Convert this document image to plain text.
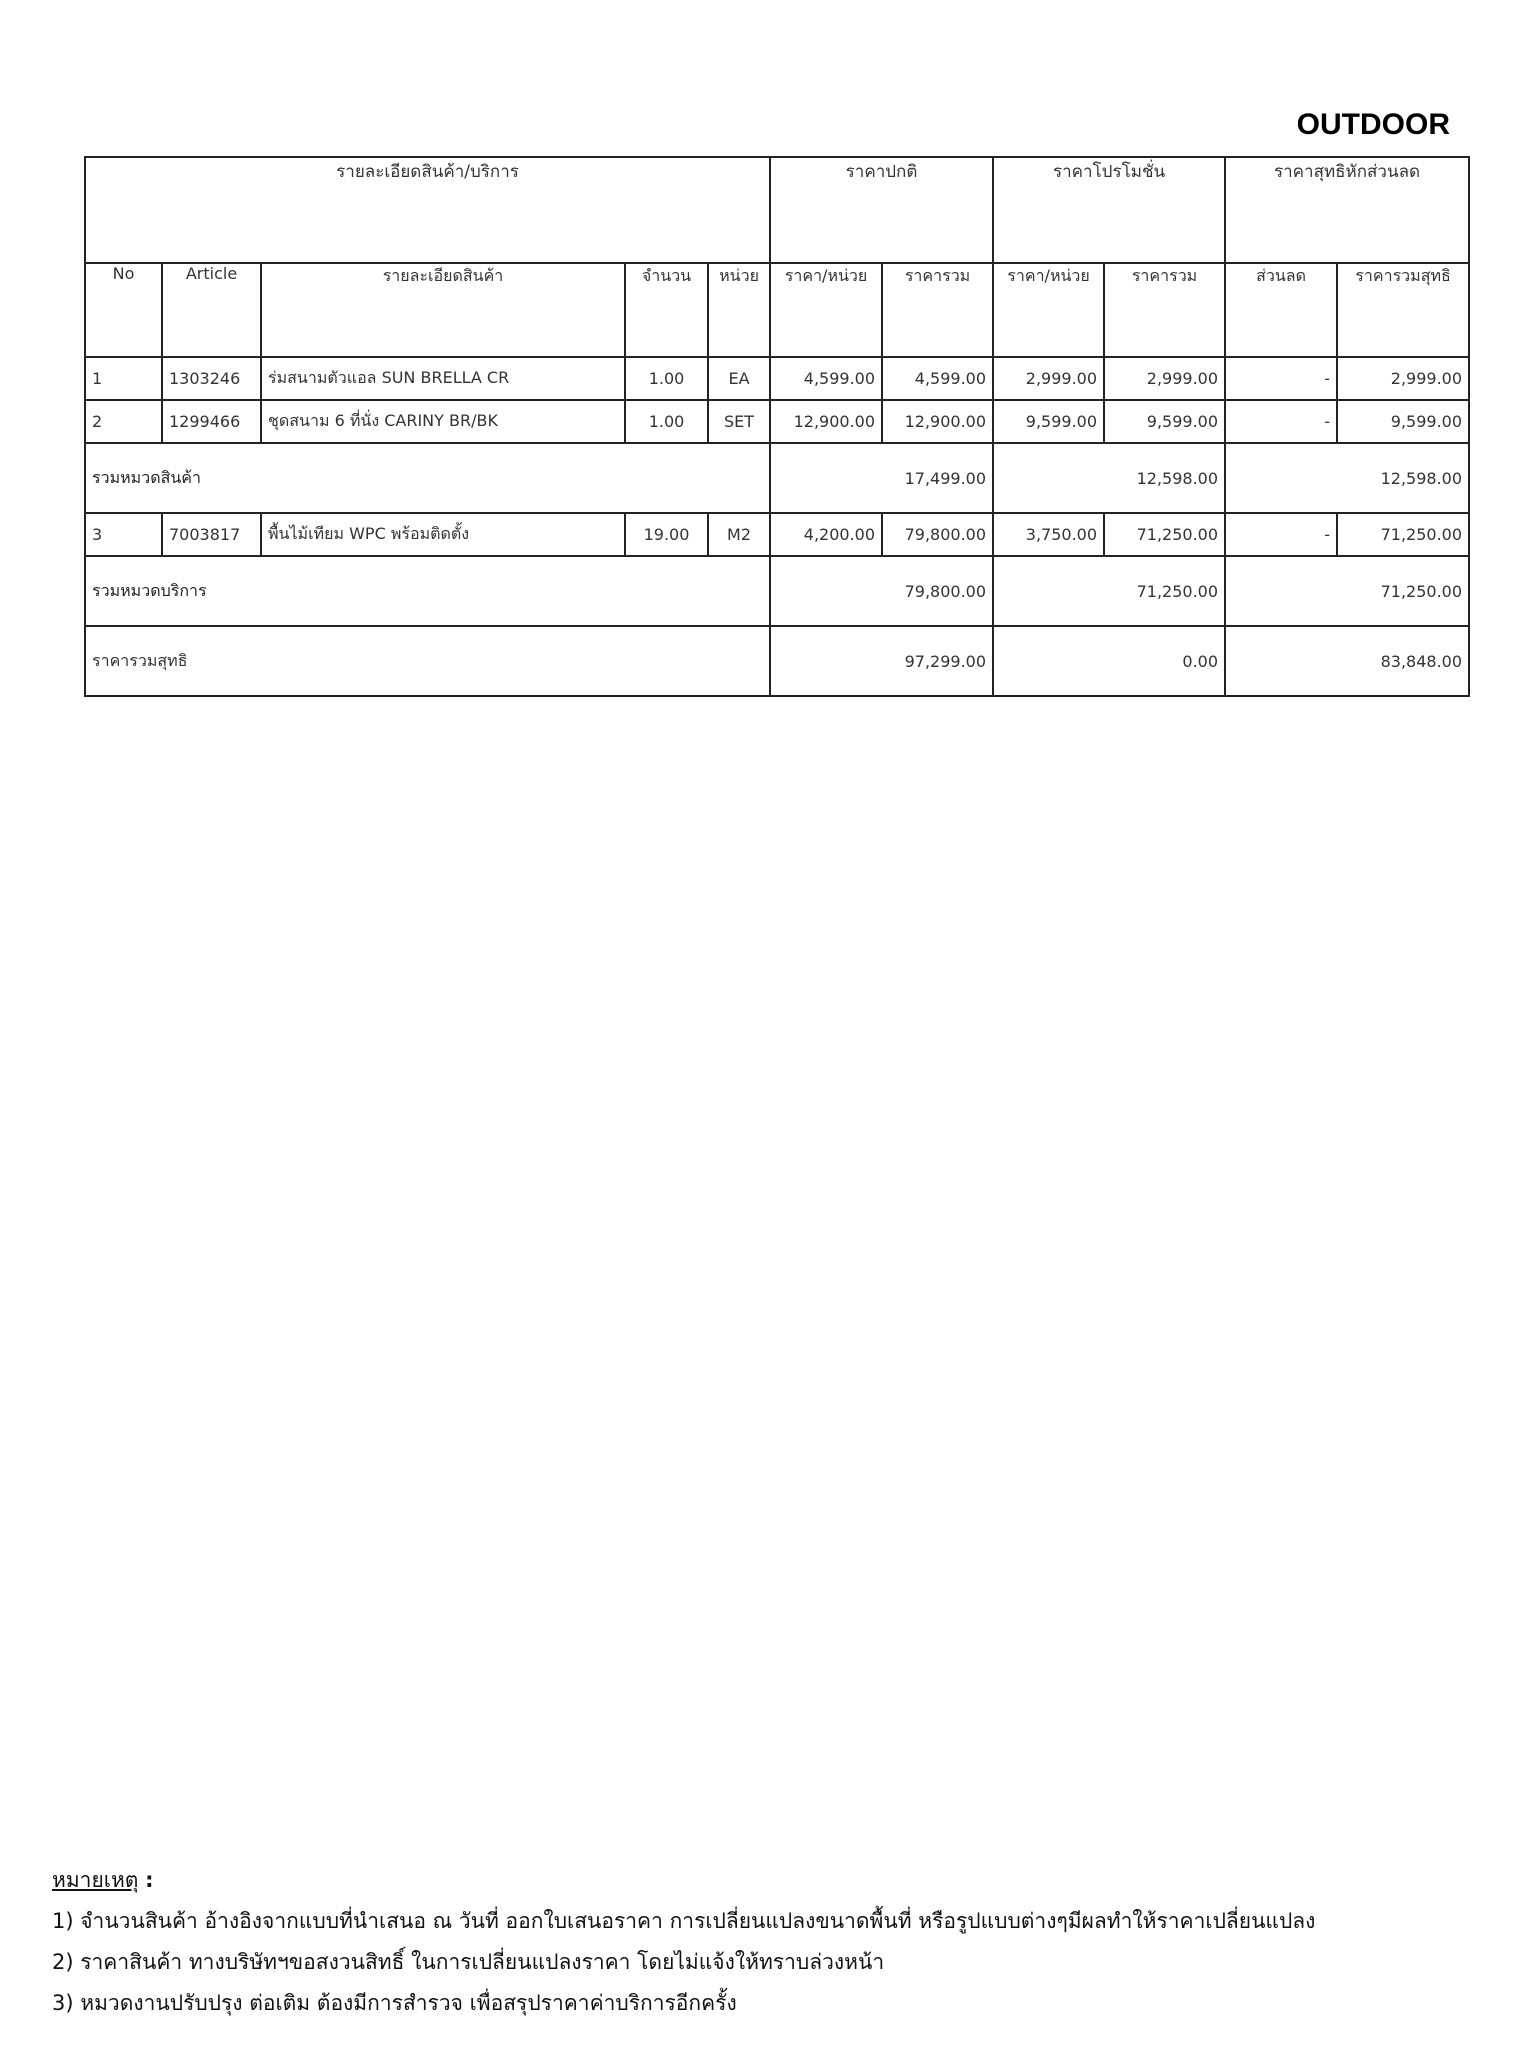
OUTDOOR
รายละเอียดสินค้า/บริการ					ราคาปกติ		ราคาโปรโมชั่น		ราคาสุทธิหักส่วนลด	
No	Article	รายละเอียดสินค้า	จำนวน	หน่วย	ราคา/หน่วย	ราคารวม	ราคา/หน่วย	ราคารวม	ส่วนลด	ราคารวมสุทธิ
1	1303246	ร่มสนามตัวแอล SUN BRELLA CR	1.00	EA	4,599.00	4,599.00	2,999.00	2,999.00	-	2,999.00
2	1299466	ชุดสนาม 6 ที่นั่ง CARINY BR/BK	1.00	SET	12,900.00	12,900.00	9,599.00	9,599.00	-	9,599.00
รวมหมวดสินค้า					17,499.00		12,598.00		12,598.00	
3	7003817	พื้นไม้เทียม WPC พร้อมติดตั้ง	19.00	M2	4,200.00	79,800.00	3,750.00	71,250.00	-	71,250.00
รวมหมวดบริการ					79,800.00		71,250.00		71,250.00	
ราคารวมสุทธิ					97,299.00		0.00		83,848.00	
หมายเหตุ :
1) จำนวนสินค้า อ้างอิงจากแบบที่นำเสนอ ณ วันที่ ออกใบเสนอราคา การเปลี่ยนแปลงขนาดพื้นที่ หรือรูปแบบต่างๆมีผลทำให้ราคาเปลี่ยนแปลง
2) ราคาสินค้า ทางบริษัทฯขอสงวนสิทธิ์ ในการเปลี่ยนแปลงราคา โดยไม่แจ้งให้ทราบล่วงหน้า
3) หมวดงานปรับปรุง ต่อเติม ต้องมีการสำรวจ เพื่อสรุปราคาค่าบริการอีกครั้ง
